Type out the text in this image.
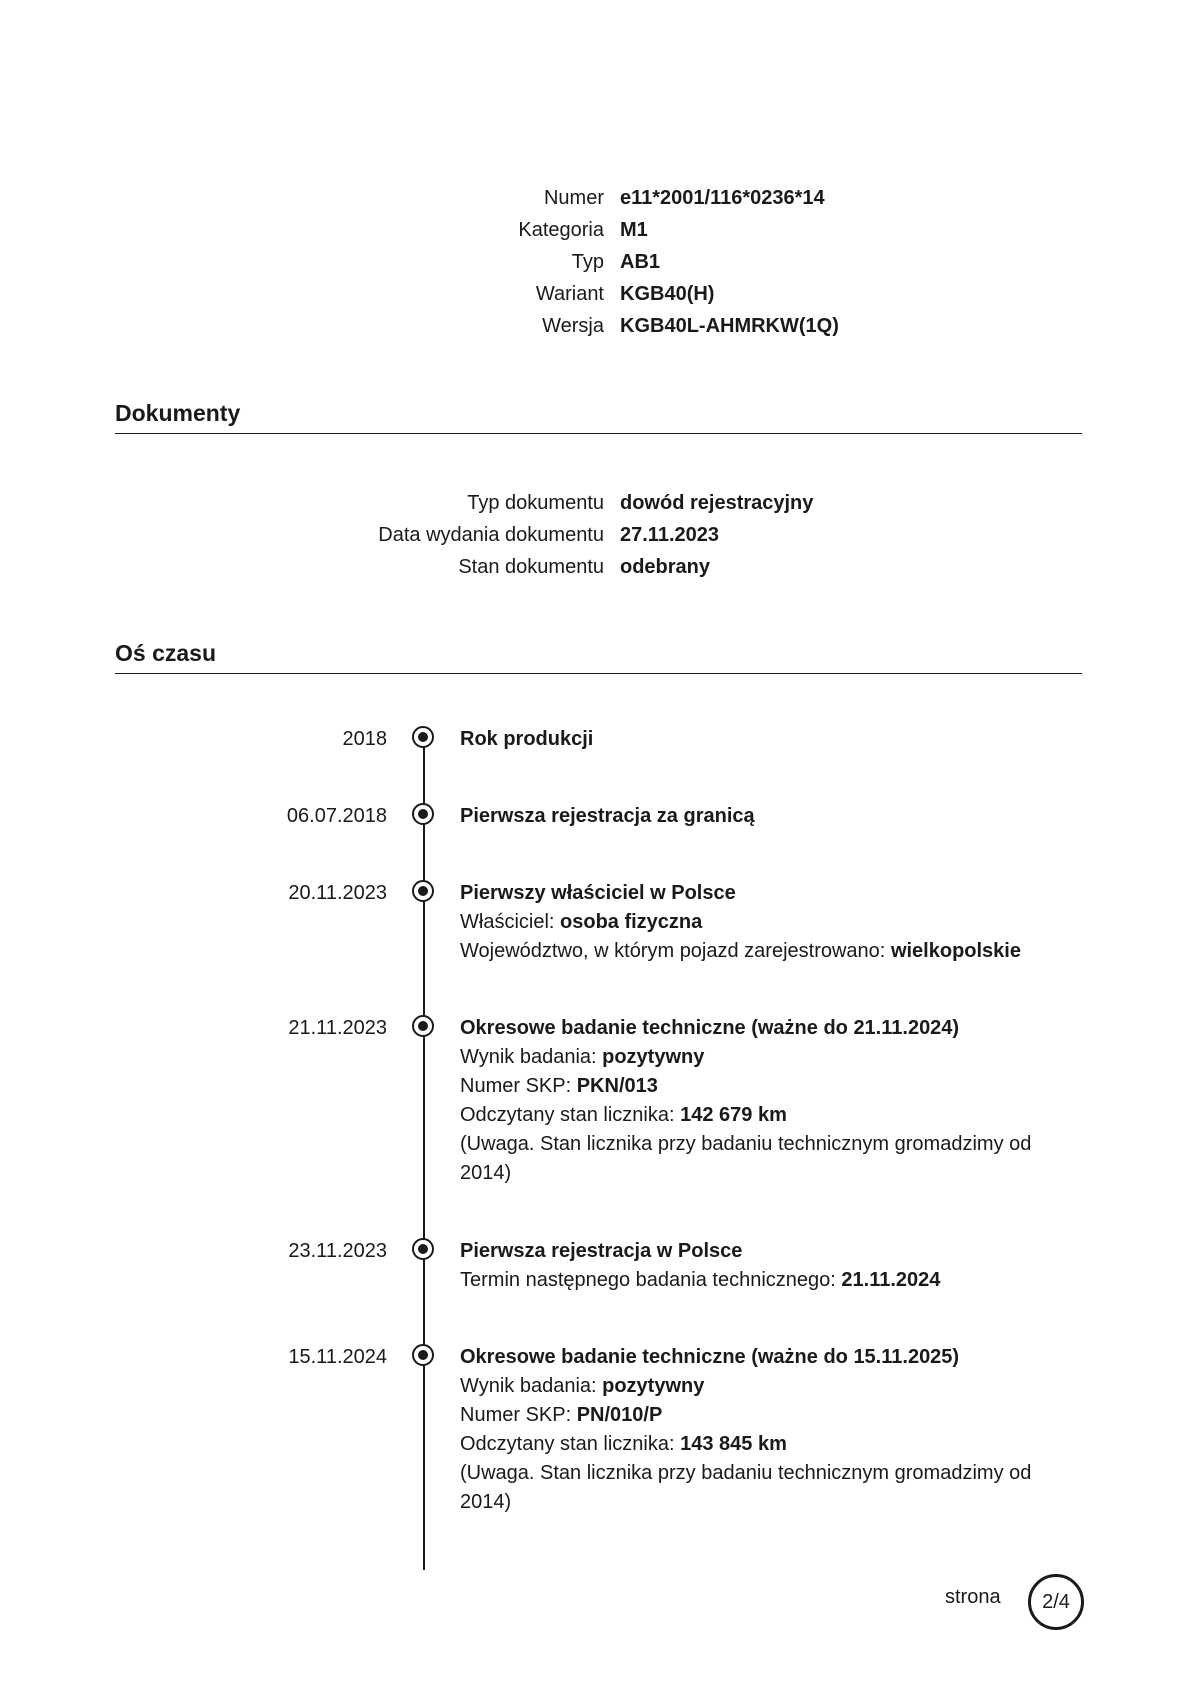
Numer e11*2001/116*0236*14
Kategoria M1
Typ AB1
Wariant KGB40(H)
Wersja KGB40L-AHMRKW(1Q)
Dokumenty
Typ dokumentu dowód rejestracyjny
Data wydania dokumentu 27.11.2023
Stan dokumentu odebrany
Oś czasu
2018	Rok produkcji
06.07.2018	Pierwsza rejestracja za granicą
20.11.2023	Pierwszy właściciel w Polsce
Właściciel: osoba fizyczna
Województwo, w którym pojazd zarejestrowano: wielkopolskie
21.11.2023	Okresowe badanie techniczne (ważne do 21.11.2024)
Wynik badania: pozytywny
Numer SKP: PKN/013
Odczytany stan licznika: 142 679 km
(Uwaga. Stan licznika przy badaniu technicznym gromadzimy od 2014)
23.11.2023	Pierwsza rejestracja w Polsce
Termin następnego badania technicznego: 21.11.2024
15.11.2024	Okresowe badanie techniczne (ważne do 15.11.2025)
Wynik badania: pozytywny
Numer SKP: PN/010/P
Odczytany stan licznika: 143 845 km
(Uwaga. Stan licznika przy badaniu technicznym gromadzimy od 2014)
strona 2/4
